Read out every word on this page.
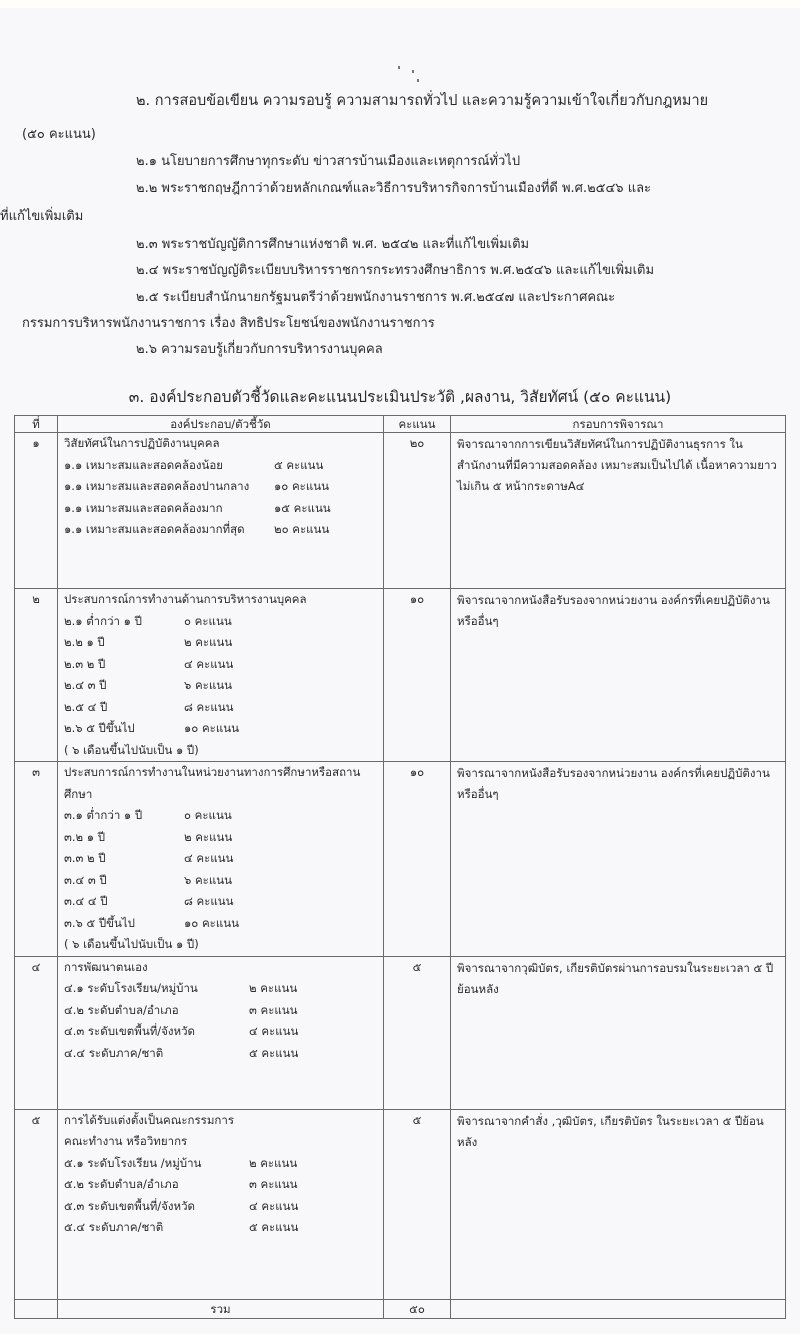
๒. การสอบข้อเขียน ความรอบรู้ ความสามารถทั่วไป และความรู้ความเข้าใจเกี่ยวกับกฎหมาย
(๕๐ คะแนน)
๒.๑ นโยบายการศึกษาทุกระดับ ข่าวสารบ้านเมืองและเหตุการณ์ทั่วไป
๒.๒ พระราชกฤษฎีกาว่าด้วยหลักเกณฑ์และวิธีการบริหารกิจการบ้านเมืองที่ดี พ.ศ.๒๕๔๖ และ
ที่แก้ไขเพิ่มเติม
๒.๓ พระราชบัญญัติการศึกษาแห่งชาติ พ.ศ. ๒๕๔๒ และที่แก้ไขเพิ่มเติม
๒.๔ พระราชบัญญัติระเบียบบริหารราชการกระทรวงศึกษาธิการ พ.ศ.๒๕๔๖ และแก้ไขเพิ่มเติม
๒.๕ ระเบียบสำนักนายกรัฐมนตรีว่าด้วยพนักงานราชการ พ.ศ.๒๕๔๗ และประกาศคณะ
กรรมการบริหารพนักงานราชการ เรื่อง สิทธิประโยชน์ของพนักงานราชการ
๒.๖ ความรอบรู้เกี่ยวกับการบริหารงานบุคคล
๓. องค์ประกอบตัวชี้วัดและคะแนนประเมินประวัติ ,ผลงาน, วิสัยทัศน์ (๕๐ คะแนน)
ที่	องค์ประกอบ/ตัวชี้วัด	คะแนน	กรอบการพิจารณา
๑	วิสัยทัศน์ในการปฏิบัติงานบุคคล
๑.๑ เหมาะสมและสอดคล้องน้อย	๕ คะแนน
๑.๑ เหมาะสมและสอดคล้องปานกลาง	๑๐ คะแนน
๑.๑ เหมาะสมและสอดคล้องมาก	๑๕ คะแนน
๑.๑ เหมาะสมและสอดคล้องมากที่สุด	๒๐ คะแนน
	๒๐	พิจารณาจากการเขียนวิสัยทัศน์ในการปฏิบัติงานธุรการ ในสำนักงานที่มีความสอดคล้อง เหมาะสมเป็นไปได้ เนื้อหาความยาวไม่เกิน ๕ หน้ากระดาษA๔
๒	ประสบการณ์การทำงานด้านการบริหารงานบุคคล
๒.๑ ต่ำกว่า ๑ ปี	๐ คะแนน
๒.๒ ๑ ปี	๒ คะแนน
๒.๓ ๒ ปี	๔ คะแนน
๒.๔ ๓ ปี	๖ คะแนน
๒.๕ ๔ ปี	๘ คะแนน
๒.๖ ๕ ปีขึ้นไป	๑๐ คะแนน
( ๖ เดือนขึ้นไปนับเป็น ๑ ปี)
	๑๐	พิจารณาจากหนังสือรับรองจากหน่วยงาน องค์กรที่เคยปฏิบัติงาน หรืออื่นๆ
๓	ประสบการณ์การทำงานในหน่วยงานทางการศึกษาหรือสถานศึกษา
๓.๑ ต่ำกว่า ๑ ปี	๐ คะแนน
๓.๒ ๑ ปี	๒ คะแนน
๓.๓ ๒ ปี	๔ คะแนน
๓.๔ ๓ ปี	๖ คะแนน
๓.๔ ๔ ปี	๘ คะแนน
๓.๖ ๕ ปีขึ้นไป	๑๐ คะแนน
( ๖ เดือนขึ้นไปนับเป็น ๑ ปี)
	๑๐	พิจารณาจากหนังสือรับรองจากหน่วยงาน องค์กรที่เคยปฏิบัติงาน หรืออื่นๆ
๔	การพัฒนาตนเอง
๔.๑ ระดับโรงเรียน/หมู่บ้าน	๒ คะแนน
๔.๒ ระดับตำบล/อำเภอ	๓ คะแนน
๔.๓ ระดับเขตพื้นที่/จังหวัด	๔ คะแนน
๔.๔ ระดับภาค/ชาติ	๕ คะแนน
	๕	พิจารณาจากวุฒิบัตร, เกียรติบัตรผ่านการอบรมในระยะเวลา ๕ ปีย้อนหลัง
๕	การได้รับแต่งตั้งเป็นคณะกรรมการ
คณะทำงาน หรือวิทยากร
๕.๑ ระดับโรงเรียน /หมู่บ้าน	๒ คะแนน
๕.๒ ระดับตำบล/อำเภอ	๓ คะแนน
๕.๓ ระดับเขตพื้นที่/จังหวัด	๔ คะแนน
๕.๔ ระดับภาค/ชาติ	๕ คะแนน
	๕	พิจารณาจากคำสั่ง ,วุฒิบัตร, เกียรติบัตร ในระยะเวลา ๕ ปีย้อนหลัง
	รวม	๕๐	
